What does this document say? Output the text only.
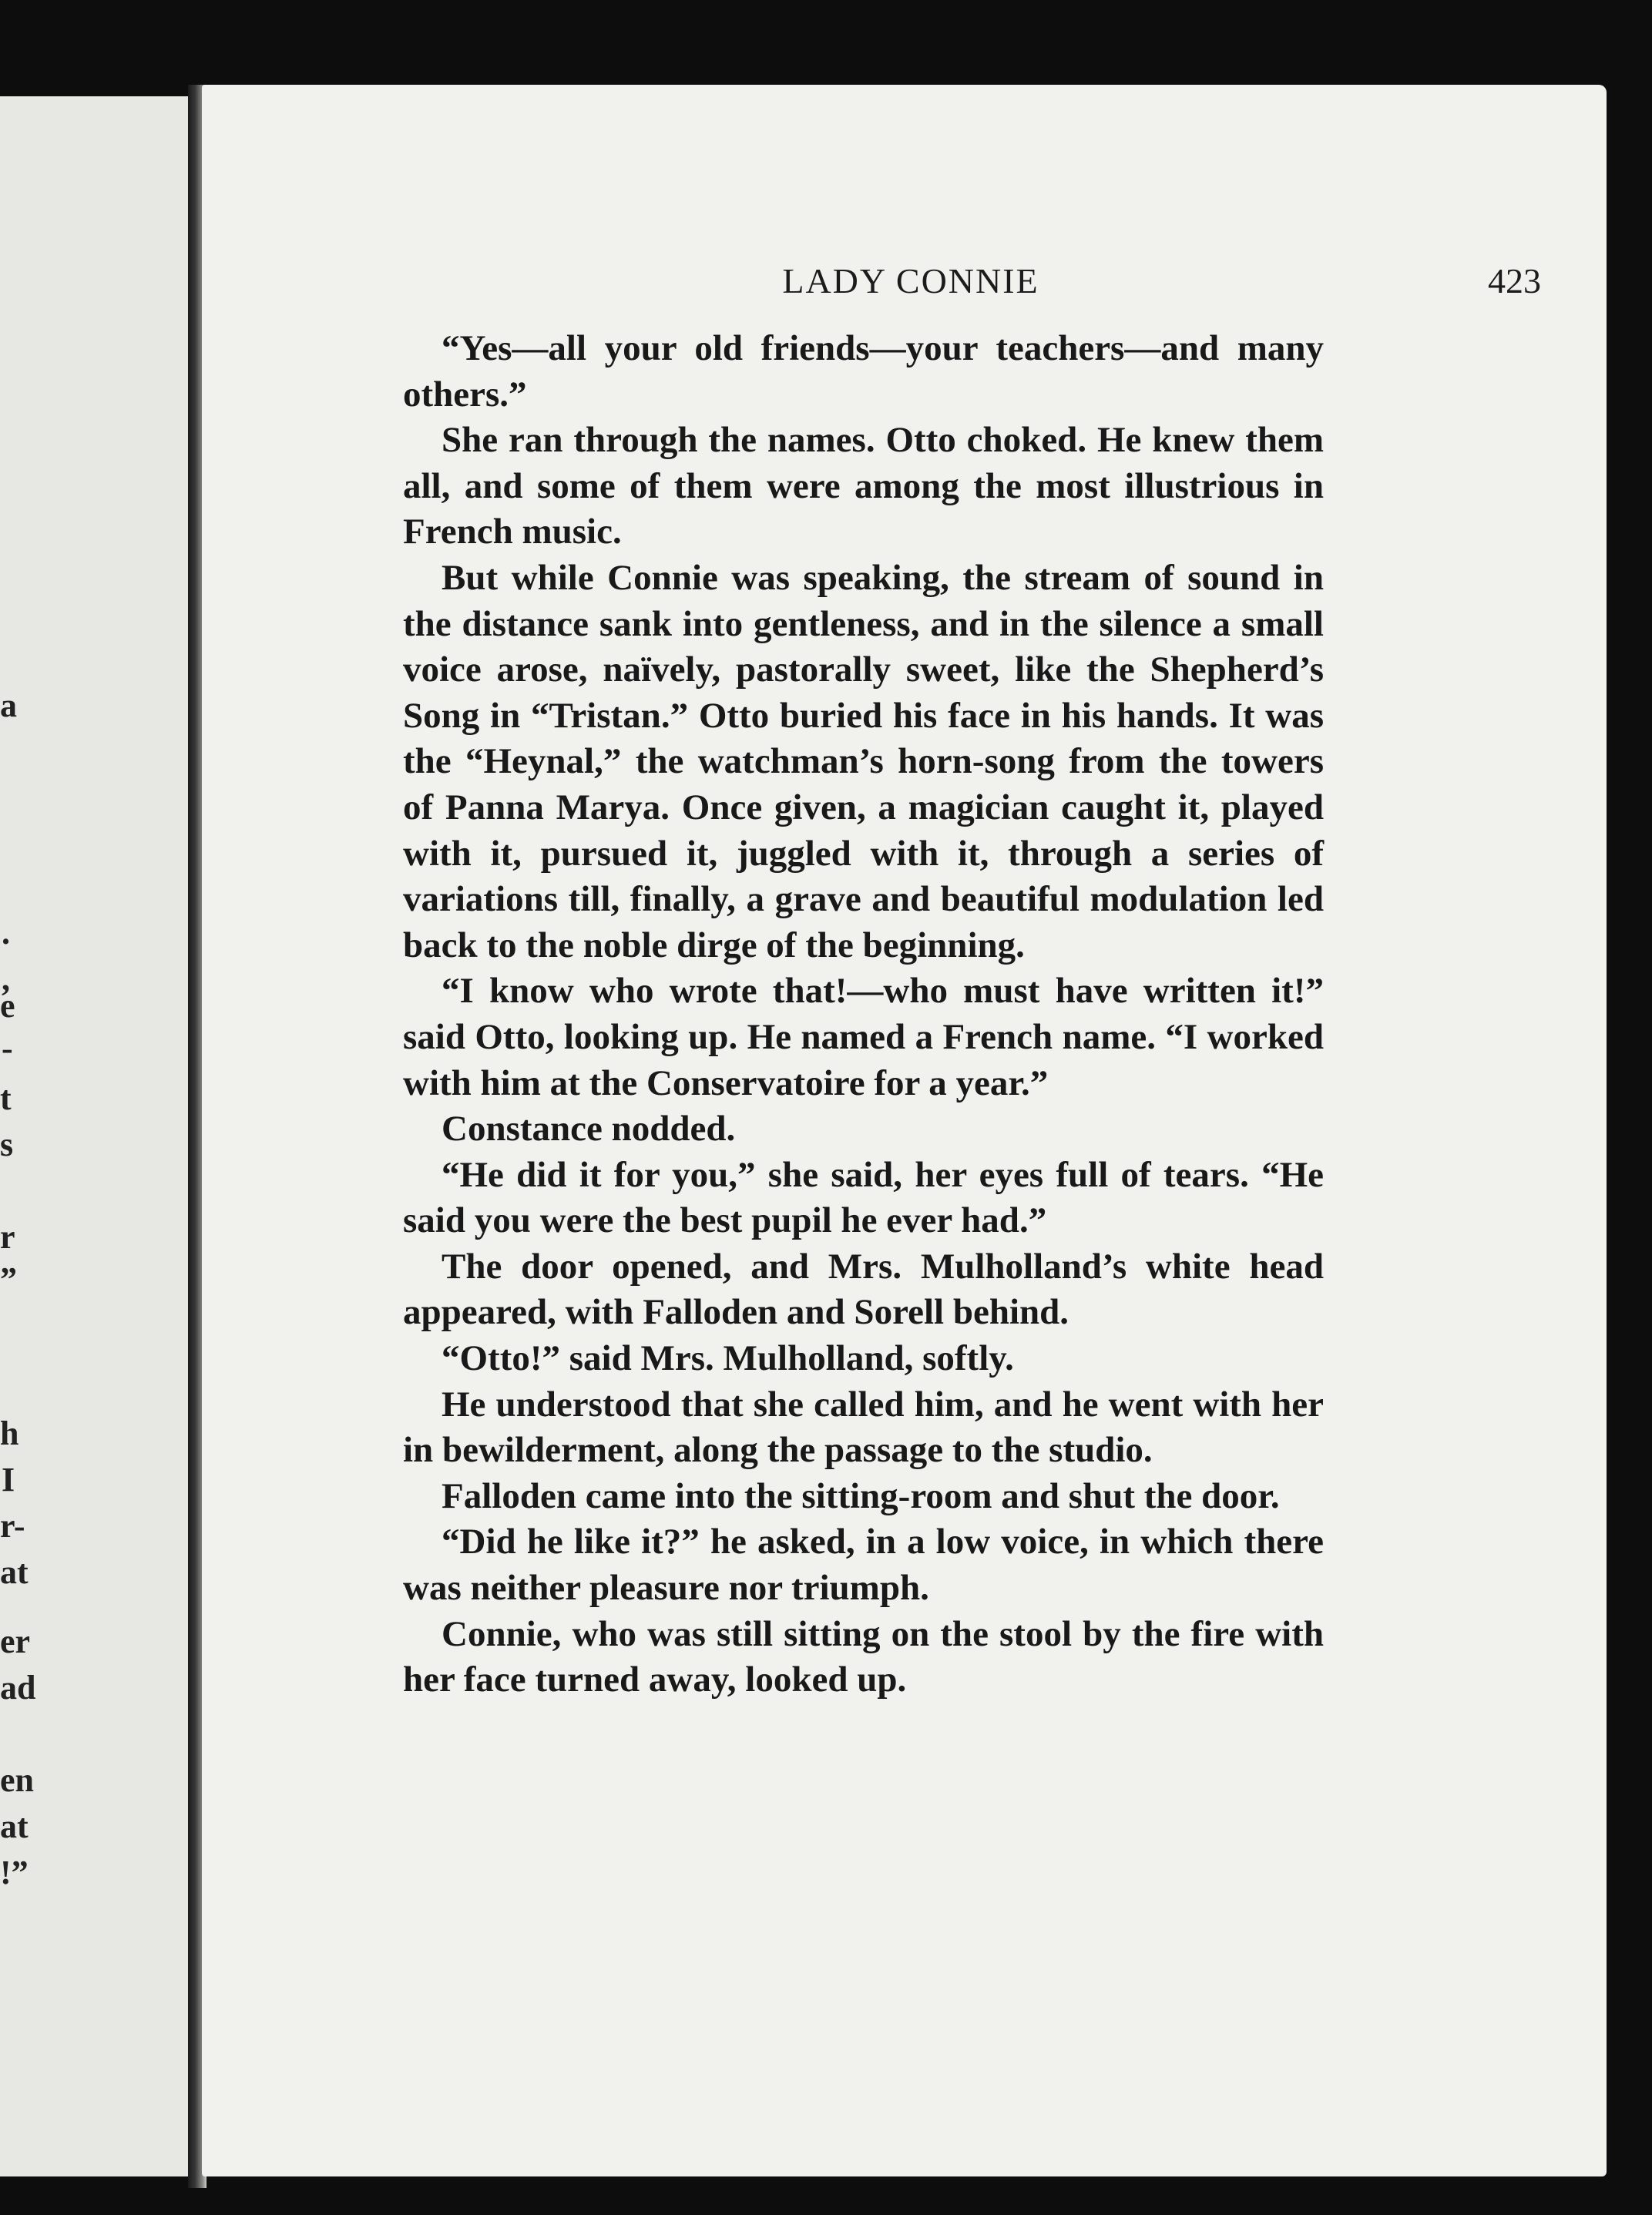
a
.
,
e
-
t
s
r
”
h
I
r-
at
er
ad
en
at
!”
LADY CONNIE	423

“Yes—all your old friends—your teachers—and many others.”

She ran through the names. Otto choked. He knew them all, and some of them were among the most illustrious in French music.

But while Connie was speaking, the stream of sound in the distance sank into gentleness, and in the silence a small voice arose, naïvely, pastorally sweet, like the Shepherd’s Song in “Tristan.” Otto buried his face in his hands. It was the “Heynal,” the watchman’s horn-song from the towers of Panna Marya. Once given, a magician caught it, played with it, pursued it, juggled with it, through a series of variations till, finally, a grave and beautiful modulation led back to the noble dirge of the beginning.

“I know who wrote that!—who must have written it!” said Otto, looking up. He named a French name. “I worked with him at the Conservatoire for a year.”

Constance nodded.

“He did it for you,” she said, her eyes full of tears. “He said you were the best pupil he ever had.”

The door opened, and Mrs. Mulholland’s white head appeared, with Falloden and Sorell behind.

“Otto!” said Mrs. Mulholland, softly.

He understood that she called him, and he went with her in bewilderment, along the passage to the studio.

Falloden came into the sitting-room and shut the door.

“Did he like it?” he asked, in a low voice, in which there was neither pleasure nor triumph.

Connie, who was still sitting on the stool by the fire with her face turned away, looked up.
